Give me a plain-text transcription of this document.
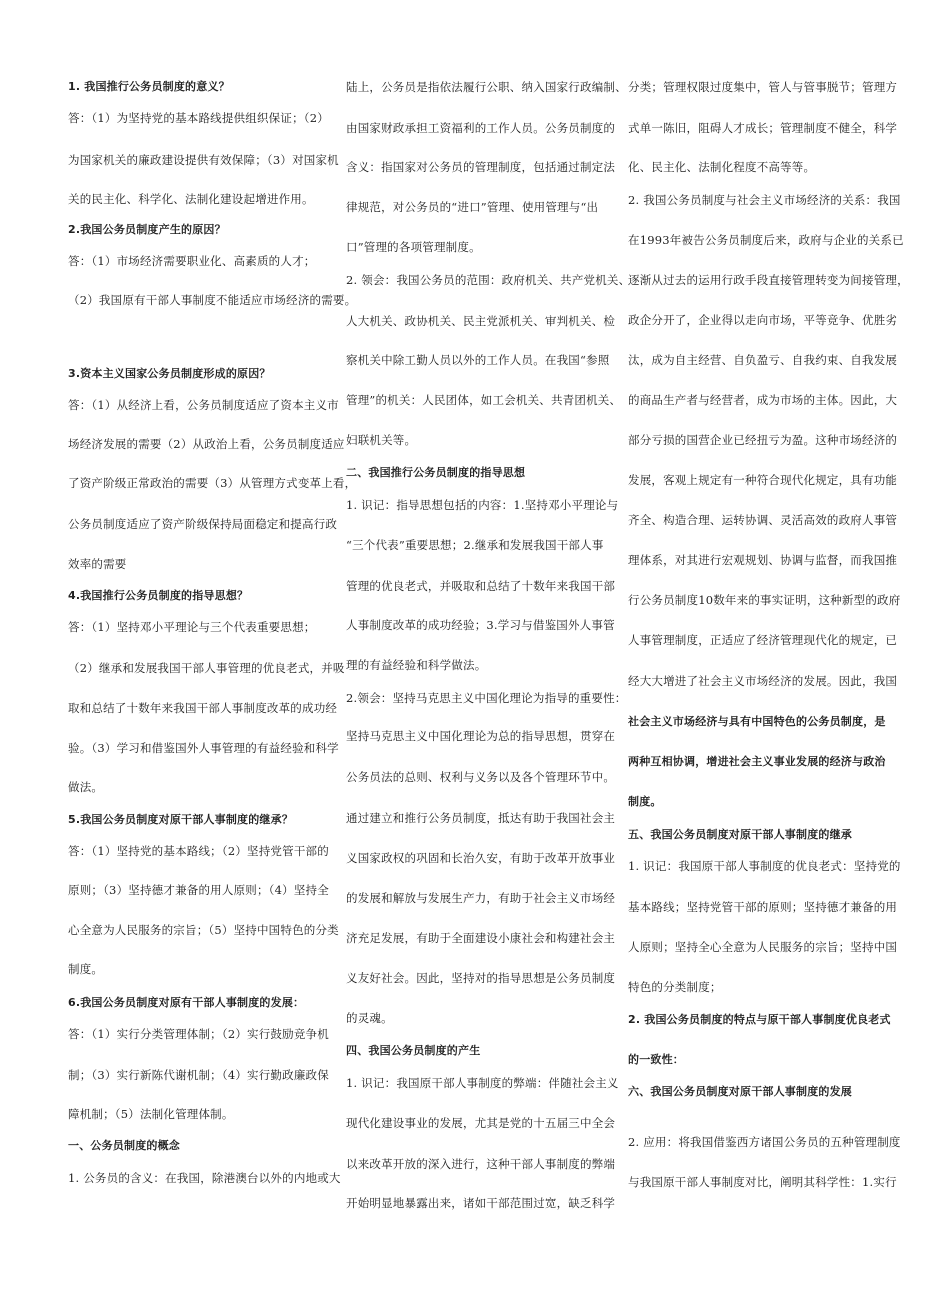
1. 我国推行公务员制度的意义？
答：（1）为坚持党的基本路线提供组织保证；（2）
为国家机关的廉政建设提供有效保障；（3）对国家机
关的民主化、科学化、法制化建设起增进作用。
2.我国公务员制度产生的原因？
答：（1）市场经济需要职业化、高素质的人才；
（2）我国原有干部人事制度不能适应市场经济的需要。
3.资本主义国家公务员制度形成的原因？
答：（1）从经济上看，公务员制度适应了资本主义市
场经济发展的需要（2）从政治上看，公务员制度适应
了资产阶级正常政治的需要（3）从管理方式变革上看，
公务员制度适应了资产阶级保持局面稳定和提高行政
效率的需要
4.我国推行公务员制度的指导思想？
答：（1）坚持邓小平理论与三个代表重要思想；
（2）继承和发展我国干部人事管理的优良老式，并吸
取和总结了十数年来我国干部人事制度改革的成功经
验。（3）学习和借鉴国外人事管理的有益经验和科学
做法。
5.我国公务员制度对原干部人事制度的继承？
答：（1）坚持党的基本路线；（2）坚持党管干部的
原则；（3）坚持德才兼备的用人原则；（4）坚持全
心全意为人民服务的宗旨；（5）坚持中国特色的分类
制度。
6.我国公务员制度对原有干部人事制度的发展：
答：（1）实行分类管理体制；（2）实行鼓励竞争机
制；（3）实行新陈代谢机制；（4）实行勤政廉政保
障机制；（5）法制化管理体制。
一、公务员制度的概念
1. 公务员的含义：在我国，除港澳台以外的内地或大
陆上，公务员是指依法履行公职、纳入国家行政编制、
由国家财政承担工资福利的工作人员。公务员制度的
含义：指国家对公务员的管理制度，包括通过制定法
律规范，对公务员的“进口”管理、使用管理与“出
口”管理的各项管理制度。
2. 领会：我国公务员的范围：政府机关、共产党机关、
人大机关、政协机关、民主党派机关、审判机关、检
察机关中除工勤人员以外的工作人员。在我国“参照
管理”的机关：人民团体，如工会机关、共青团机关、
妇联机关等。
二、我国推行公务员制度的指导思想
1. 识记：指导思想包括的内容：1.坚持邓小平理论与
“三个代表”重要思想；2.继承和发展我国干部人事
管理的优良老式，并吸取和总结了十数年来我国干部
人事制度改革的成功经验；3.学习与借鉴国外人事管
理的有益经验和科学做法。
2.领会：坚持马克思主义中国化理论为指导的重要性：
坚持马克思主义中国化理论为总的指导思想，贯穿在
公务员法的总则、权利与义务以及各个管理环节中。
通过建立和推行公务员制度，抵达有助于我国社会主
义国家政权的巩固和长治久安，有助于改革开放事业
的发展和解放与发展生产力，有助于社会主义市场经
济充足发展，有助于全面建设小康社会和构建社会主
义友好社会。因此，坚持对的指导思想是公务员制度
的灵魂。
四、我国公务员制度的产生
1. 识记：我国原干部人事制度的弊端：伴随社会主义
现代化建设事业的发展，尤其是党的十五届三中全会
以来改革开放的深入进行，这种干部人事制度的弊端
开始明显地暴露出来，诸如干部范围过宽，缺乏科学
分类；管理权限过度集中，管人与管事脱节；管理方
式单一陈旧，阻碍人才成长；管理制度不健全，科学
化、民主化、法制化程度不高等等。
2. 我国公务员制度与社会主义市场经济的关系：我国
在1993年被告公务员制度后来，政府与企业的关系已
逐渐从过去的运用行政手段直接管理转变为间接管理，
政企分开了，企业得以走向市场，平等竞争、优胜劣
汰，成为自主经营、自负盈亏、自我约束、自我发展
的商品生产者与经营者，成为市场的主体。因此，大
部分亏损的国营企业已经扭亏为盈。这种市场经济的
发展，客观上规定有一种符合现代化规定，具有功能
齐全、构造合理、运转协调、灵活高效的政府人事管
理体系，对其进行宏观规划、协调与监督，而我国推
行公务员制度10数年来的事实证明，这种新型的政府
人事管理制度，正适应了经济管理现代化的规定，已
经大大增进了社会主义市场经济的发展。因此，我国
社会主义市场经济与具有中国特色的公务员制度，是
两种互相协调，增进社会主义事业发展的经济与政治
制度。
五、我国公务员制度对原干部人事制度的继承
1. 识记：我国原干部人事制度的优良老式：坚持党的
基本路线；坚持党管干部的原则；坚持德才兼备的用
人原则；坚持全心全意为人民服务的宗旨；坚持中国
特色的分类制度；
2. 我国公务员制度的特点与原干部人事制度优良老式
的一致性：
六、我国公务员制度对原干部人事制度的发展
2. 应用：将我国借鉴西方诸国公务员的五种管理制度
与我国原干部人事制度对比，阐明其科学性：1.实行
